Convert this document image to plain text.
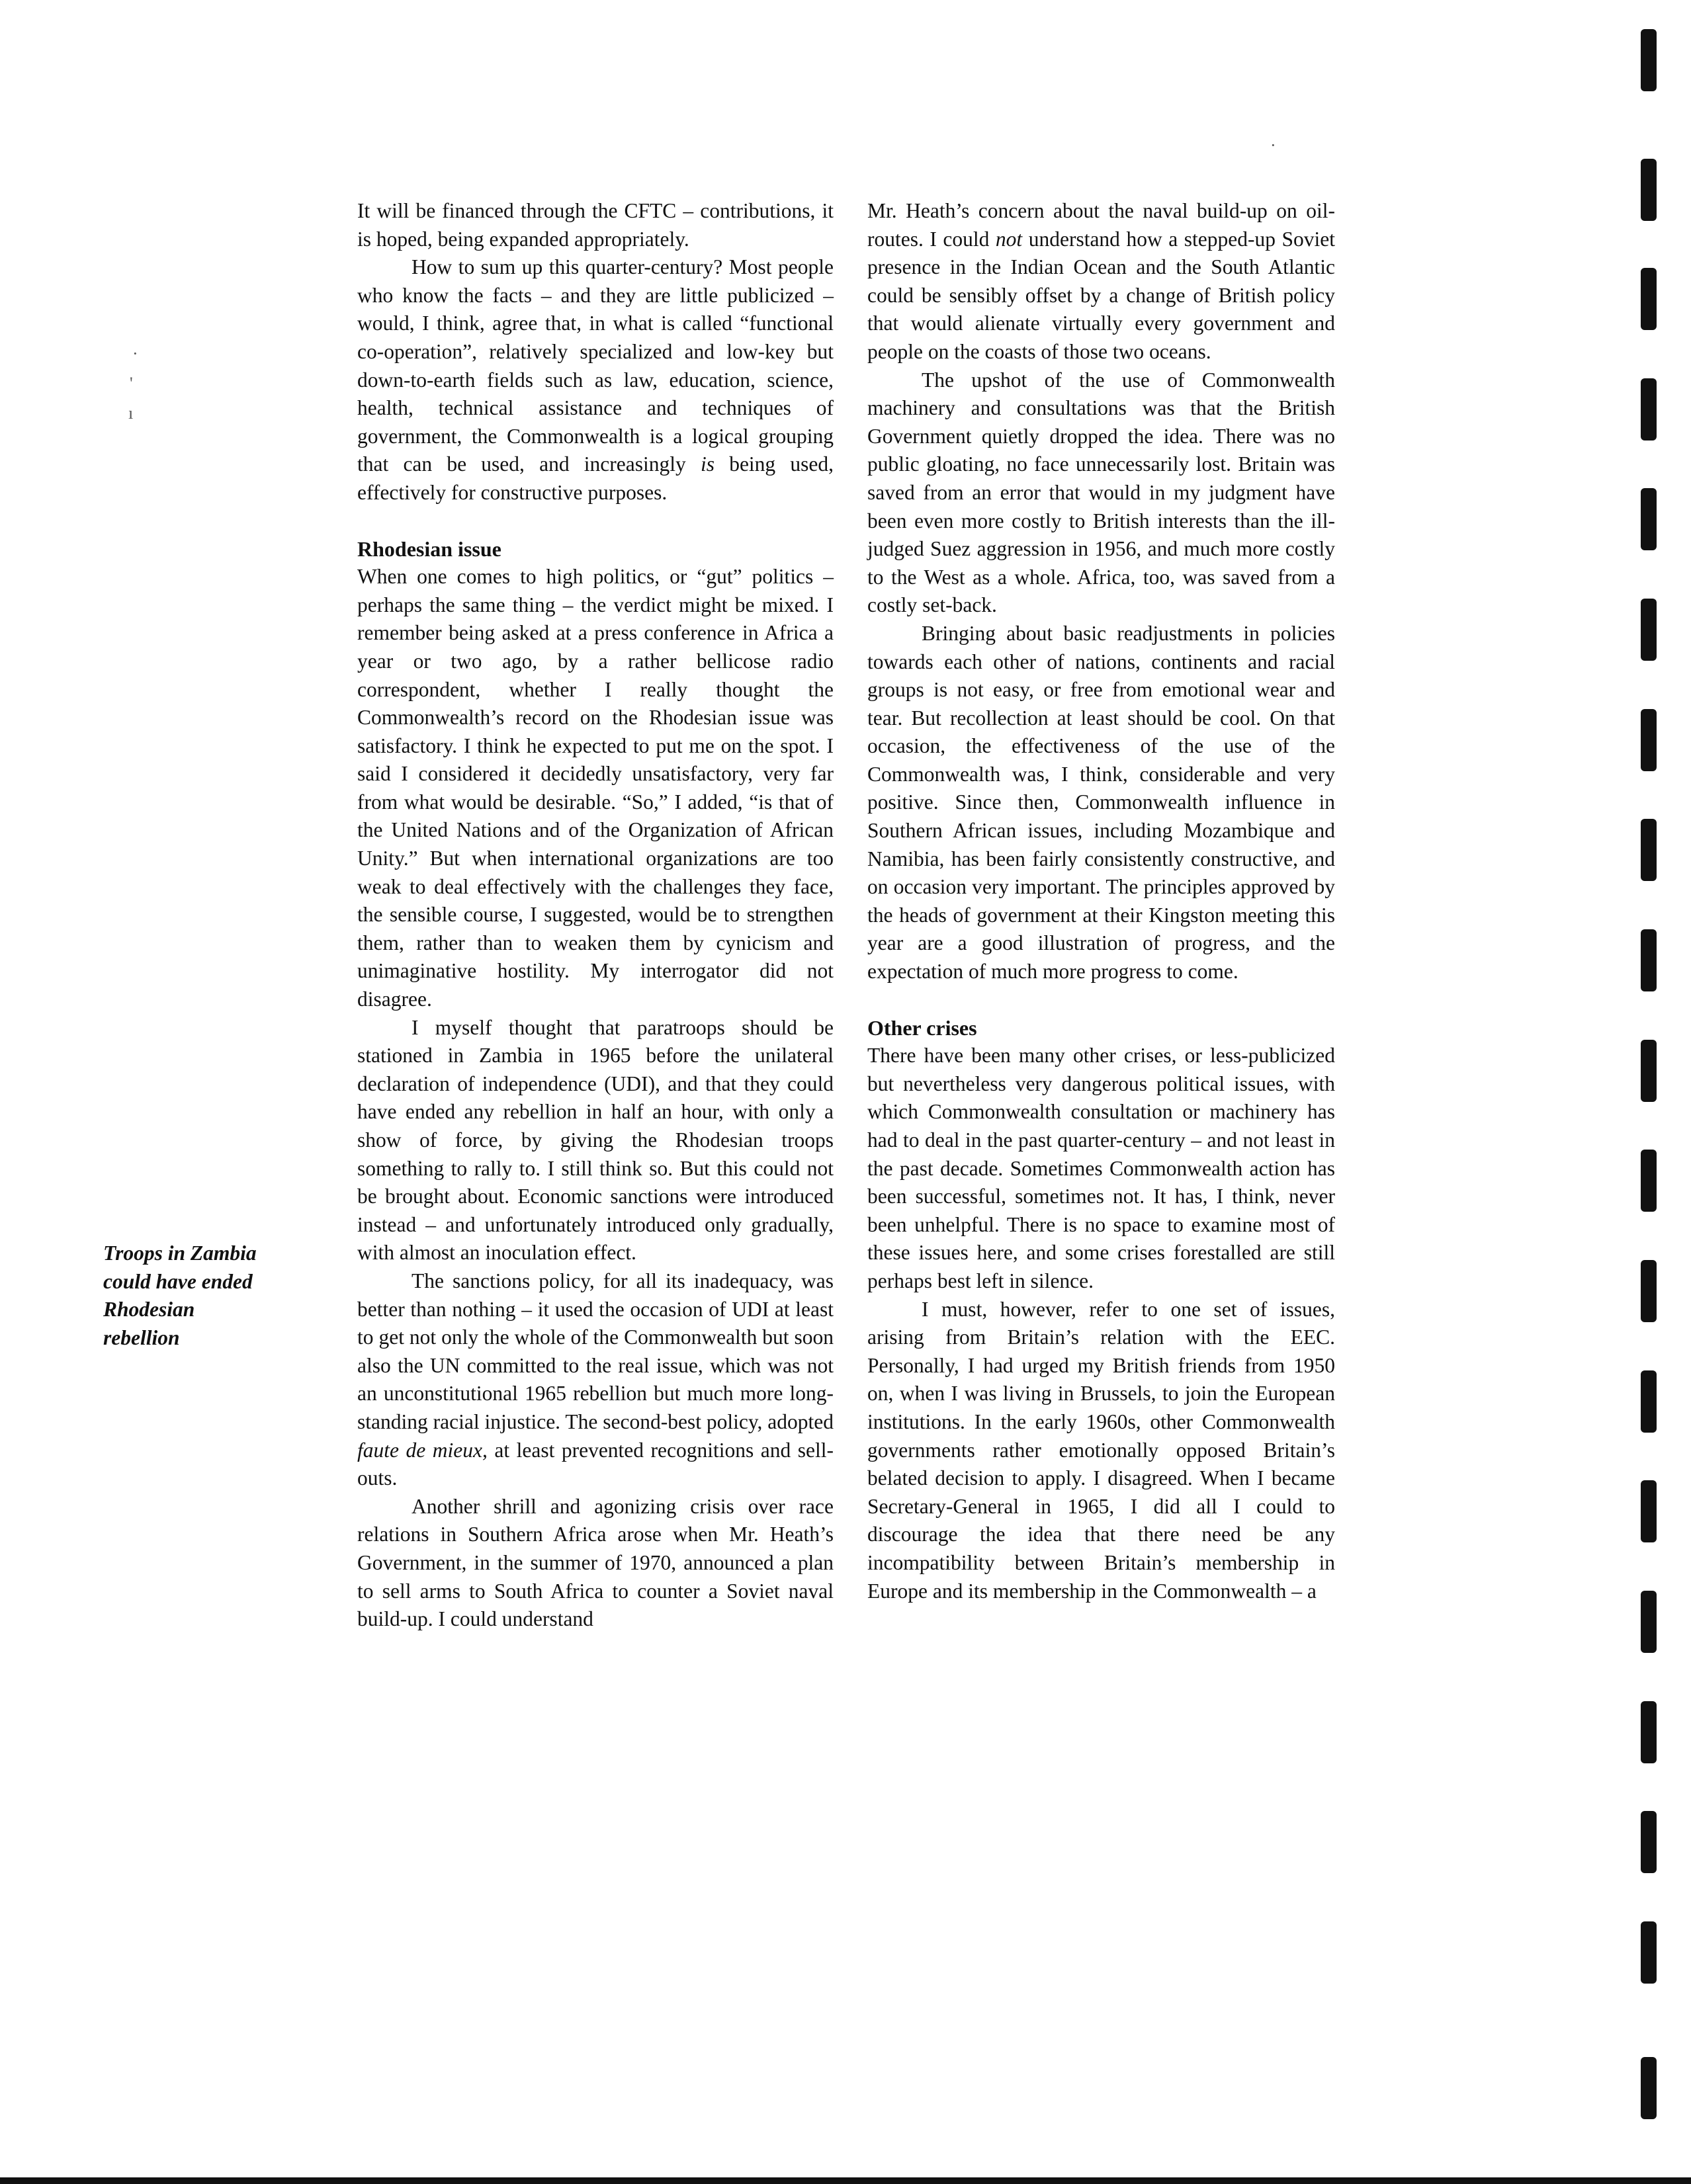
·
'
ı
·
Troops in Zambia
could have ended
Rhodesian
rebellion

It will be financed through the CFTC – contributions, it is hoped, being expanded appropriately.

How to sum up this quarter-century? Most people who know the facts – and they are little publicized – would, I think, agree that, in what is called “functional co-operation”, relatively specialized and low-key but down-to-earth fields such as law, education, science, health, technical assistance and techniques of government, the Commonwealth is a logical grouping that can be used, and increasingly is being used, effectively for constructive purposes.

Rhodesian issue

When one comes to high politics, or “gut” politics – perhaps the same thing – the verdict might be mixed. I remember being asked at a press conference in Africa a year or two ago, by a rather bellicose radio correspondent, whether I really thought the Commonwealth’s record on the Rhodesian issue was satisfactory. I think he expected to put me on the spot. I said I considered it decidedly unsatisfactory, very far from what would be desirable. “So,” I added, “is that of the United Nations and of the Organization of African Unity.” But when international organizations are too weak to deal effectively with the challenges they face, the sensible course, I suggested, would be to strengthen them, rather than to weaken them by cynicism and unimaginative hostility. My interrogator did not disagree.

I myself thought that paratroops should be stationed in Zambia in 1965 before the unilateral declaration of independence (UDI), and that they could have ended any rebellion in half an hour, with only a show of force, by giving the Rhodesian troops something to rally to. I still think so. But this could not be brought about. Economic sanctions were introduced instead – and unfortunately introduced only gradually, with almost an inoculation effect.

The sanctions policy, for all its inadequacy, was better than nothing – it used the occasion of UDI at least to get not only the whole of the Commonwealth but soon also the UN committed to the real issue, which was not an unconstitutional 1965 rebellion but much more long-standing racial injustice. The second-best policy, adopted faute de mieux, at least prevented recognitions and sell-outs.

Another shrill and agonizing crisis over race relations in Southern Africa arose when Mr. Heath’s Government, in the summer of 1970, announced a plan to sell arms to South Africa to counter a Soviet naval build-up. I could understand

Mr. Heath’s concern about the naval build-up on oil-routes. I could not understand how a stepped-up Soviet presence in the Indian Ocean and the South Atlantic could be sensibly offset by a change of British policy that would alienate virtually every government and people on the coasts of those two oceans.

The upshot of the use of Commonwealth machinery and consultations was that the British Government quietly dropped the idea. There was no public gloating, no face unnecessarily lost. Britain was saved from an error that would in my judgment have been even more costly to British interests than the ill-judged Suez aggression in 1956, and much more costly to the West as a whole. Africa, too, was saved from a costly set-back.

Bringing about basic readjustments in policies towards each other of nations, continents and racial groups is not easy, or free from emotional wear and tear. But recollection at least should be cool. On that occasion, the effectiveness of the use of the Commonwealth was, I think, considerable and very positive. Since then, Commonwealth influence in Southern African issues, including Mozambique and Namibia, has been fairly consistently constructive, and on occasion very important. The principles approved by the heads of government at their Kingston meeting this year are a good illustration of progress, and the expectation of much more progress to come.

Other crises

There have been many other crises, or less-publicized but nevertheless very dangerous political issues, with which Commonwealth consultation or machinery has had to deal in the past quarter-century – and not least in the past decade. Sometimes Commonwealth action has been successful, sometimes not. It has, I think, never been unhelpful. There is no space to examine most of these issues here, and some crises forestalled are still perhaps best left in silence.

I must, however, refer to one set of issues, arising from Britain’s relation with the EEC. Personally, I had urged my British friends from 1950 on, when I was living in Brussels, to join the European institutions. In the early 1960s, other Commonwealth governments rather emotionally opposed Britain’s belated decision to apply. I disagreed. When I became Secretary-General in 1965, I did all I could to discourage the idea that there need be any incompatibility between Britain’s membership in Europe and its membership in the Commonwealth – a
